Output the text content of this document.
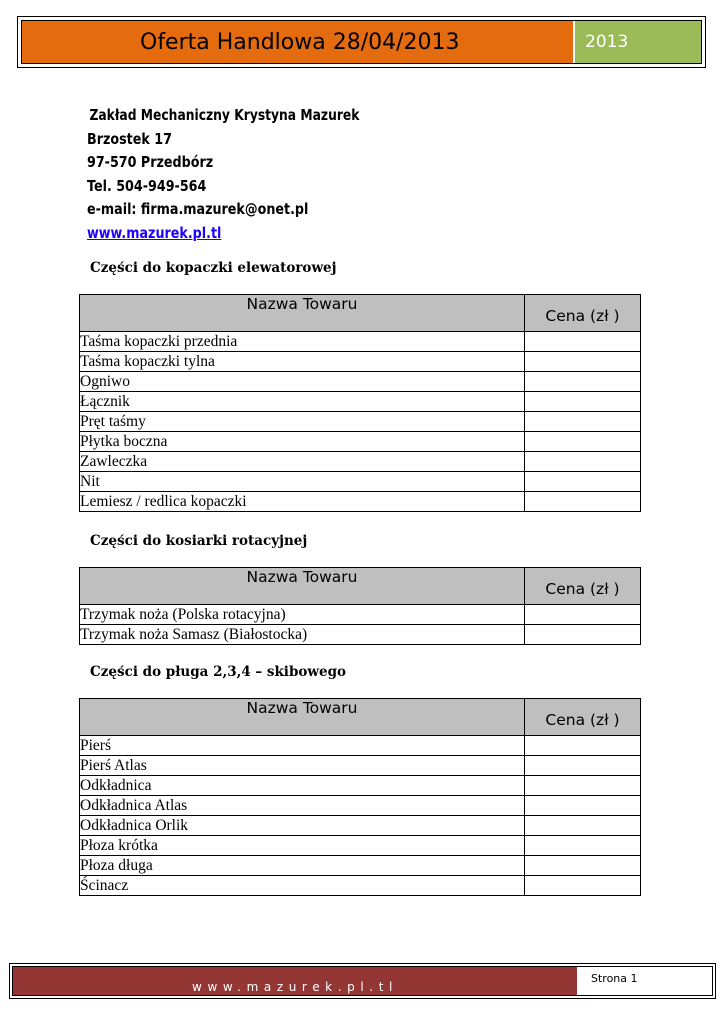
Oferta Handlowa 28/04/2013	2013
Zakład Mechaniczny Krystyna Mazurek
Brzostek 17
97-570 Przedbórz
Tel. 504-949-564
e-mail: firma.mazurek@onet.pl
www.mazurek.pl.tl
Części do kopaczki elewatorowej
Nazwa Towaru	Cena (zł )

Taśma kopaczki przednia	
Taśma kopaczki tylna	
Ogniwo	
Łącznik	
Pręt taśmy	
Płytka boczna	
Zawleczka	
Nit	
Lemiesz / redlica kopaczki	
Części do kosiarki rotacyjnej
Nazwa Towaru	Cena (zł )

Trzymak noża (Polska rotacyjna)	
Trzymak noża Samasz (Białostocka)	
Części do pługa 2,3,4 – skibowego
Nazwa Towaru	Cena (zł )

Pierś	
Pierś Atlas	
Odkładnica	
Odkładnica Atlas	
Odkładnica Orlik	
Płoza krótka	
Płoza długa	
Ścinacz	
www.mazurek.pl.tl
Strona 1
